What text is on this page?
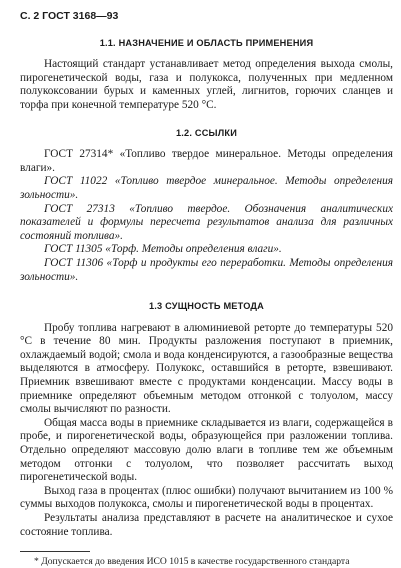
С. 2 ГОСТ 3168—93
1.1. НАЗНАЧЕНИЕ И ОБЛАСТЬ ПРИМЕНЕНИЯ

Настоящий стандарт устанавливает метод определения выхода смолы, пирогенетической воды, газа и полукокса, полученных при медленном полукоксовании бурых и каменных углей, лигнитов, горючих сланцев и торфа при конечной температуре 520 °C.

1.2. ССЫЛКИ

ГОСТ 27314* «Топливо твердое минеральное. Методы определения влаги».

ГОСТ 11022 «Топливо твердое минеральное. Методы определения зольности».

ГОСТ 27313 «Топливо твердое. Обозначения аналитических показателей и формулы пересчета результатов анализа для различных состояний топлива».

ГОСТ 11305 «Торф. Методы определения влаги».

ГОСТ 11306 «Торф и продукты его переработки. Методы определения зольности».

1.3 СУЩНОСТЬ МЕТОДА

Пробу топлива нагревают в алюминиевой реторте до температуры 520 °C в течение 80 мин. Продукты разложения поступают в приемник, охлаждаемый водой; смола и вода конденсируются, а газообразные вещества выделяются в атмосферу. Полукокс, оставшийся в реторте, взвешивают. Приемник взвешивают вместе с продуктами конденсации. Массу воды в приемнике определяют объемным методом отгонкой с толуолом, массу смолы вычисляют по разности.

Общая масса воды в приемнике складывается из влаги, содержащейся в пробе, и пирогенетической воды, образующейся при разложении топлива. Отдельно определяют массовую долю влаги в топливе тем же объемным методом отгонки с толуолом, что позволяет рассчитать выход пирогенетической воды.

Выход газа в процентах (плюс ошибки) получают вычитанием из 100 % суммы выходов полукокса, смолы и пирогенетической воды в процентах.

Результаты анализа представляют в расчете на аналитическое и сухое состояние топлива.

* Допускается до введения ИСО 1015 в качестве государственного стандарта
